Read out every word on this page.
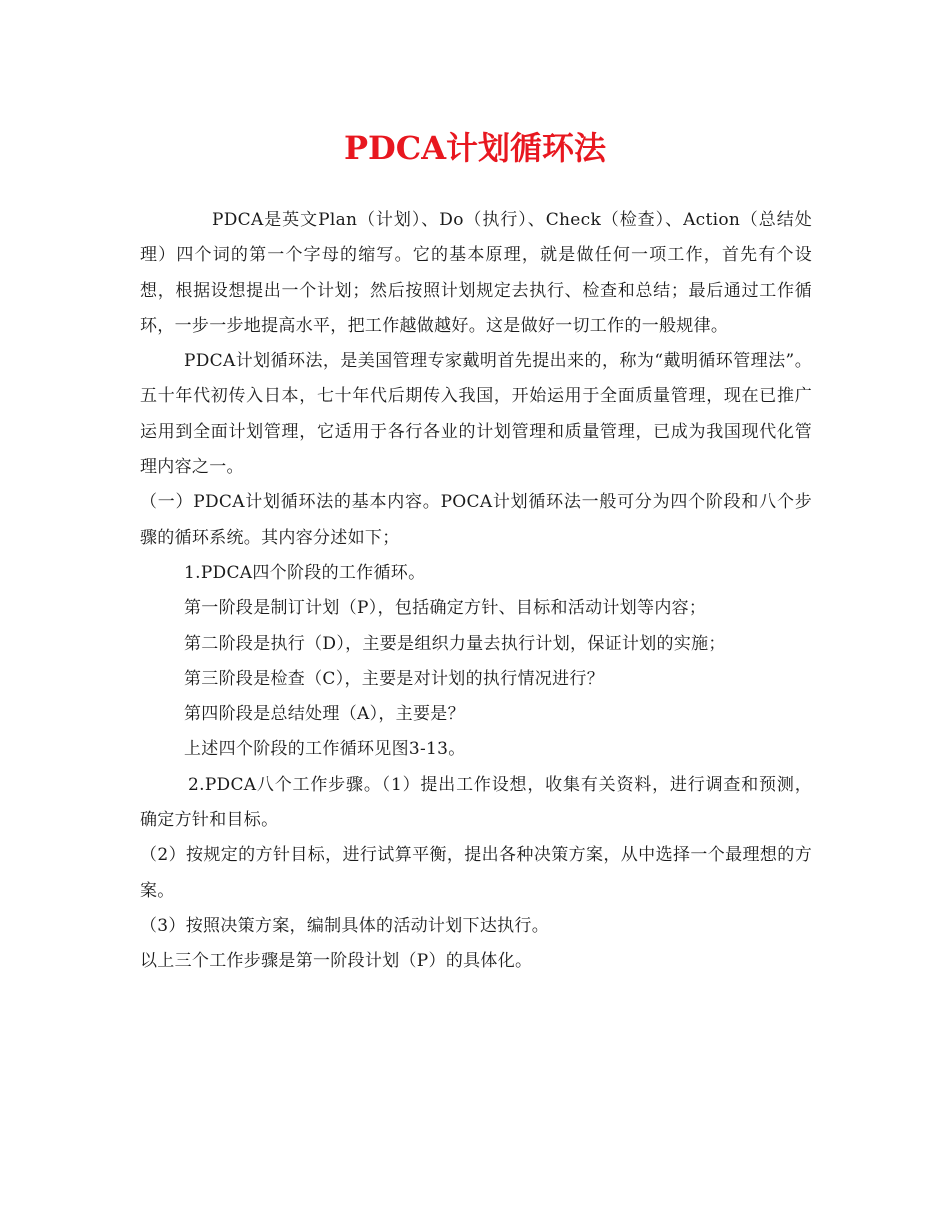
PDCA计划循环法

PDCA是英文Plan（计划）、Do（执行）、Check（检查）、Action（总结处理）四个词的第一个字母的缩写。它的基本原理，就是做任何一项工作，首先有个设想，根据设想提出一个计划；然后按照计划规定去执行、检查和总结；最后通过工作循环，一步一步地提高水平，把工作越做越好。这是做好一切工作的一般规律。

PDCA计划循环法，是美国管理专家戴明首先提出来的，称为“戴明循环管理法”。五十年代初传入日本，七十年代后期传入我国，开始运用于全面质量管理，现在已推广运用到全面计划管理，它适用于各行各业的计划管理和质量管理，已成为我国现代化管理内容之一。

（一）PDCA计划循环法的基本内容。POCA计划循环法一般可分为四个阶段和八个步骤的循环系统。其内容分述如下；

1.PDCA四个阶段的工作循环。

第一阶段是制订计划（P），包括确定方针、目标和活动计划等内容；

第二阶段是执行（D），主要是组织力量去执行计划，保证计划的实施；

第三阶段是检查（C），主要是对计划的执行情况进行？

第四阶段是总结处理（A），主要是？

上述四个阶段的工作循环见图3-13。

2.PDCA八个工作步骤。（1）提出工作设想，收集有关资料，进行调查和预测，确定方针和目标。

（2）按规定的方针目标，进行试算平衡，提出各种决策方案，从中选择一个最理想的方案。

（3）按照决策方案，编制具体的活动计划下达执行。

以上三个工作步骤是第一阶段计划（P）的具体化。
